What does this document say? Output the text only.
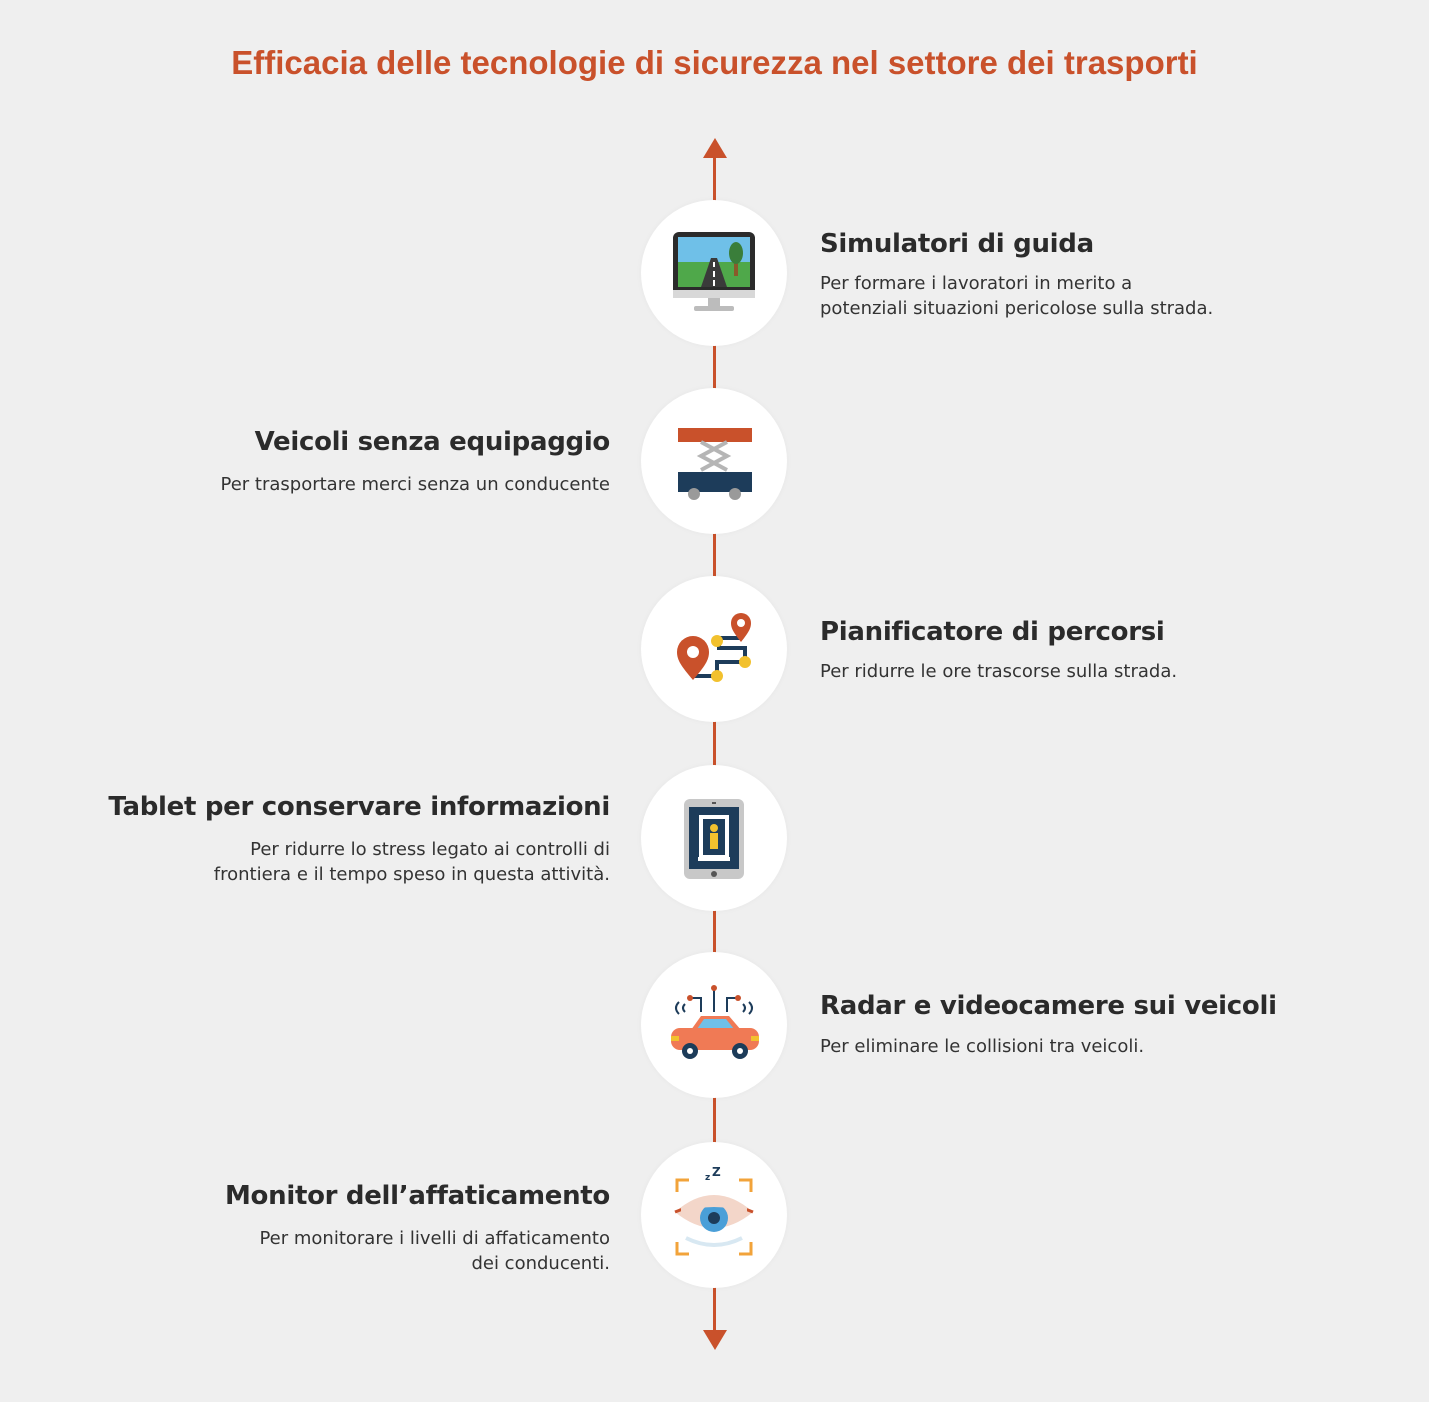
Efficacia delle tecnologie di sicurezza nel settore dei trasporti
Simulatori di guida
Per formare i lavoratori in merito a
potenziali situazioni pericolose sulla strada.
Veicoli senza equipaggio
Per trasportare merci senza un conducente
Pianificatore di percorsi
Per ridurre le ore trascorse sulla strada.
Tablet per conservare informazioni
Per ridurre lo stress legato ai controlli di
frontiera e il tempo speso in questa attività.
Radar e videocamere sui veicoli
Per eliminare le collisioni tra veicoli.
z Z
Monitor dell’affaticamento
Per monitorare i livelli di affaticamento
dei conducenti.
